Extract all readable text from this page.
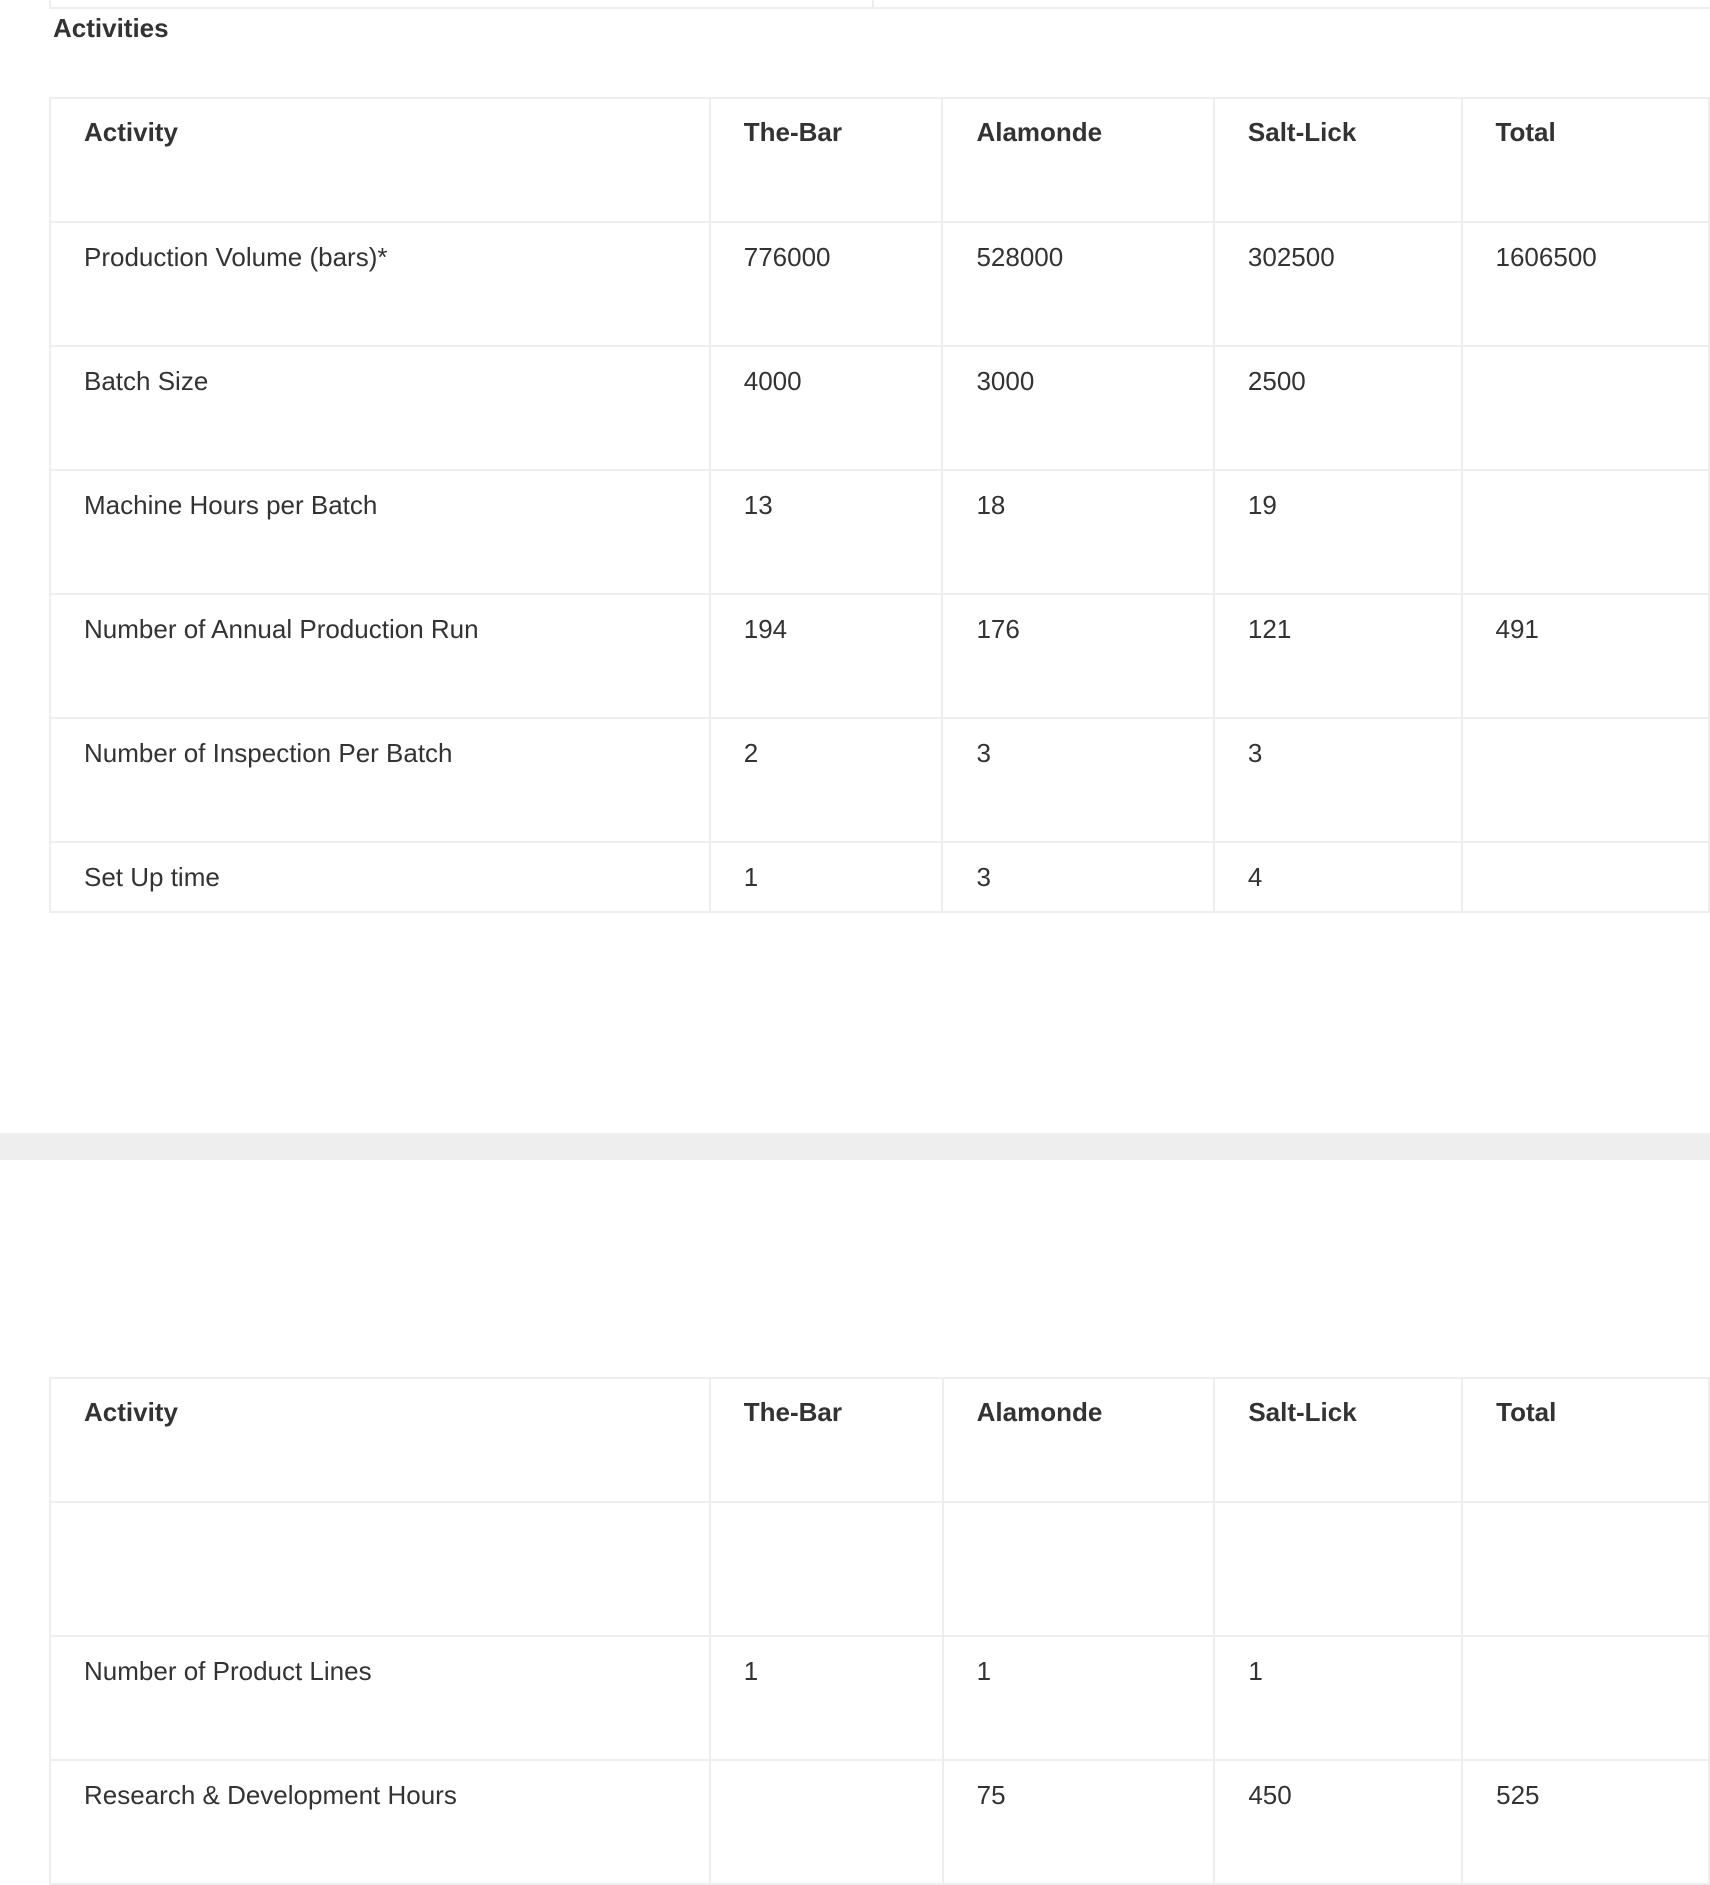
Activities
Activity	The-Bar	Alamonde	Salt-Lick	Total
Production Volume (bars)*	776000	528000	302500	1606500
Batch Size	4000	3000	2500	
Machine Hours per Batch	13	18	19	
Number of Annual Production Run	194	176	121	491
Number of Inspection Per Batch	2	3	3	
Set Up time	1	3	4	
Activity	The-Bar	Alamonde	Salt-Lick	Total

Number of Product Lines	1	1	1	
Research & Development Hours		75	450	525
